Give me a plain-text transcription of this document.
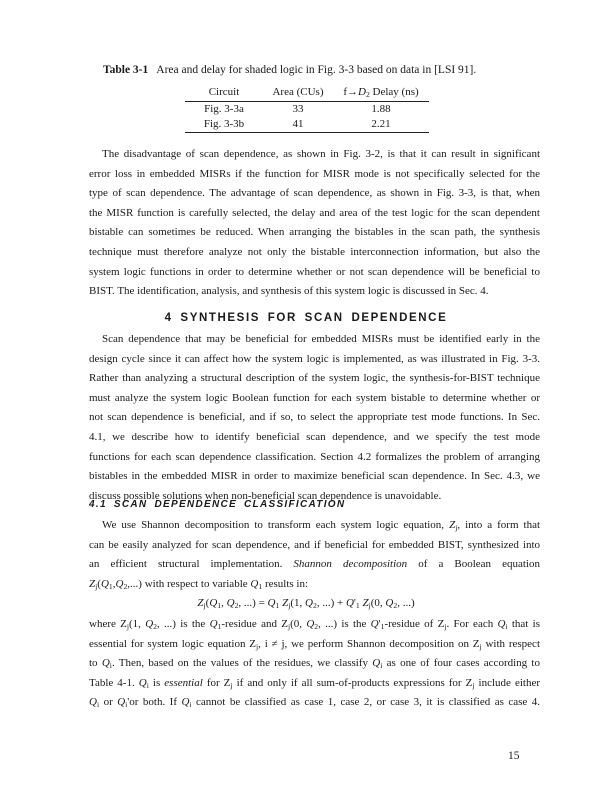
Table 3-1 Area and delay for shaded logic in Fig. 3-3 based on data in [LSI 91].
Circuit	Area (CUs)	$f\to D_2$ Delay (ns)
Fig. 3-3a	33	1.88
Fig. 3-3b	41	2.21
The disadvantage of scan dependence, as shown in Fig. 3-2, is that it can result in significant
error loss in embedded MISRs if the function for MISR mode is not specifically selected for the
type of scan dependence. The advantage of scan dependence, as shown in Fig. 3-3, is that, when
the MISR function is carefully selected, the delay and area of the test logic for the scan dependent
bistable can sometimes be reduced. When arranging the bistables in the scan path, the synthesis
technique must therefore analyze not only the bistable interconnection information, but also the
system logic functions in order to determine whether or not scan dependence will be beneficial to
BIST. The identification, analysis, and synthesis of this system logic is discussed in Sec. 4.
4 SYNTHESIS FOR SCAN DEPENDENCE
Scan dependence that may be beneficial for embedded MISRs must be identified early in the
design cycle since it can affect how the system logic is implemented, as was illustrated in Fig. 3-3.
Rather than analyzing a structural description of the system logic, the synthesis-for-BIST technique
must analyze the system logic Boolean function for each system bistable to determine whether or
not scan dependence is beneficial, and if so, to select the appropriate test mode functions. In Sec.
4.1, we describe how to identify beneficial scan dependence, and we specify the test mode
functions for each scan dependence classification. Section 4.2 formalizes the problem of arranging
bistables in the embedded MISR in order to maximize beneficial scan dependence. In Sec. 4.3, we
discuss possible solutions when non-beneficial scan dependence is unavoidable.
4.1 SCAN DEPENDENCE CLASSIFICATION
We use Shannon decomposition to transform each system logic equation, $Z_j$, into a form that
can be easily analyzed for scan dependence, and if beneficial for embedded BIST, synthesized into
an efficient structural implementation. Shannon decomposition of a Boolean equation
$Z_j(Q_1,Q_2,...)$ with respect to variable $Q_1$ results in:
$Z_j(Q_1$, $Q_2$, ...) = $Q_1$ $Z_j(1$, $Q_2$, ...) + $Q'_1$ $Z_j(0$, $Q_2$, ...)
where $Z_j(1$, $Q_2$, ...) is the $Q_1$-residue and $Z_j(0$, $Q_2$, ...) is the $Q'_1$-residue of $Z_j$. For each $Q_i$ that is
essential for system logic equation $Z_j$, i ≠ j, we perform Shannon decomposition on $Z_j$ with respect
to $Q_i$. Then, based on the values of the residues, we classify $Q_i$ as one of four cases according to
Table 4-1. $Q_i$ is essential for $Z_j$ if and only if all sum-of-products expressions for $Z_j$ include either
$Q_i$ or $Q_i'or$ both. If $Q_i$ cannot be classified as case 1, case 2, or case 3, it is classified as case 4.
15
